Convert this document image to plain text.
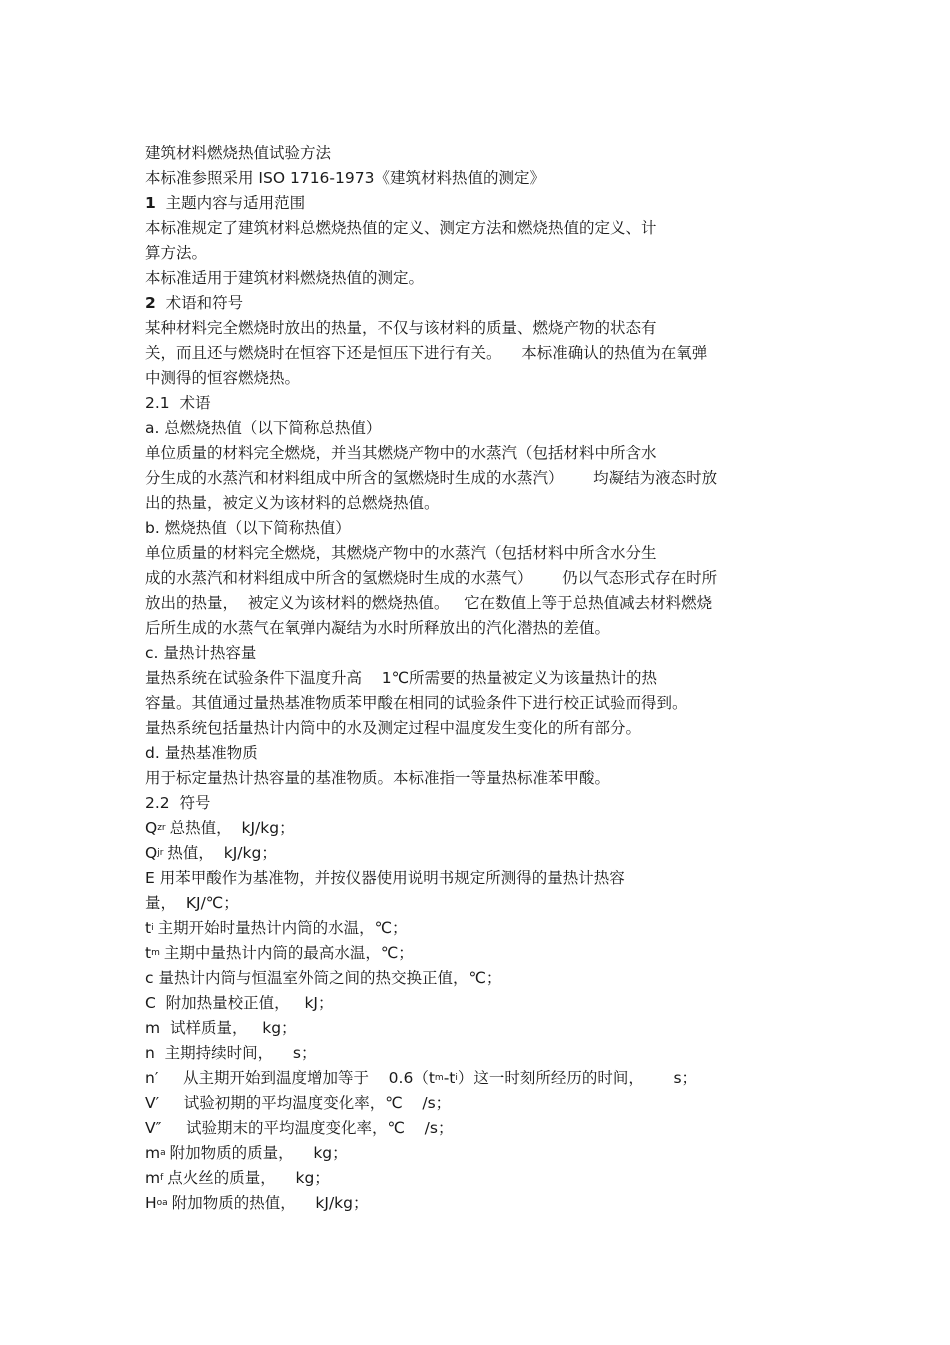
建筑材料燃烧热值试验方法
本标准参照采用 ISO 1716-1973《建筑材料热值的测定》
1 主题内容与适用范围
本标准规定了建筑材料总燃烧热值的定义、测定方法和燃烧热值的定义、计
算方法。
本标准适用于建筑材料燃烧热值的测定。
2 术语和符号
某种材料完全燃烧时放出的热量，不仅与该材料的质量、燃烧产物的状态有
关，而且还与燃烧时在恒容下还是恒压下进行有关。    本标准确认的热值为在氧弹
中测得的恒容燃烧热。
2.1  术语
a. 总燃烧热值（以下简称总热值）
单位质量的材料完全燃烧，并当其燃烧产物中的水蒸汽（包括材料中所含水
分生成的水蒸汽和材料组成中所含的氢燃烧时生成的水蒸汽）      均凝结为液态时放
出的热量，被定义为该材料的总燃烧热值。
b. 燃烧热值（以下简称热值）
单位质量的材料完全燃烧，其燃烧产物中的水蒸汽（包括材料中所含水分生
成的水蒸汽和材料组成中所含的氢燃烧时生成的水蒸气）      仍以气态形式存在时所
放出的热量，  被定义为该材料的燃烧热值。   它在数值上等于总热值减去材料燃烧
后所生成的水蒸气在氧弹内凝结为水时所释放出的汽化潜热的差值。
c. 量热计热容量
量热系统在试验条件下温度升高    1℃所需要的热量被定义为该量热计的热
容量。其值通过量热基准物质苯甲酸在相同的试验条件下进行校正试验而得到。
量热系统包括量热计内筒中的水及测定过程中温度发生变化的所有部分。
d. 量热基准物质
用于标定量热计热容量的基准物质。本标准指一等量热标准苯甲酸。
2.2  符号
$Q_{zr}$ 总热值，  kJ/kg；
$Q_{jr}$ 热值，  kJ/kg；
E 用苯甲酸作为基准物，并按仪器使用说明书规定所测得的量热计热容
量，  KJ/℃；
$t_i$ 主期开始时量热计内筒的水温，℃；
$t_m$ 主期中量热计内筒的最高水温，℃；
c 量热计内筒与恒温室外筒之间的热交换正值，℃；
C  附加热量校正值，   kJ；
m  试样质量，   kg；
n  主期持续时间，    s；
n′     从主期开始到温度增加等于    $0.6(t_m-t_i)$这一时刻所经历的时间，      s；
V′     试验初期的平均温度变化率，℃    /s；
V″     试验期末的平均温度变化率，℃    /s；
$m_a$ 附加物质的质量，    kg；
$m_f$ 点火丝的质量，    kg；
$H_{oa}$ 附加物质的热值，    kJ/kg；
